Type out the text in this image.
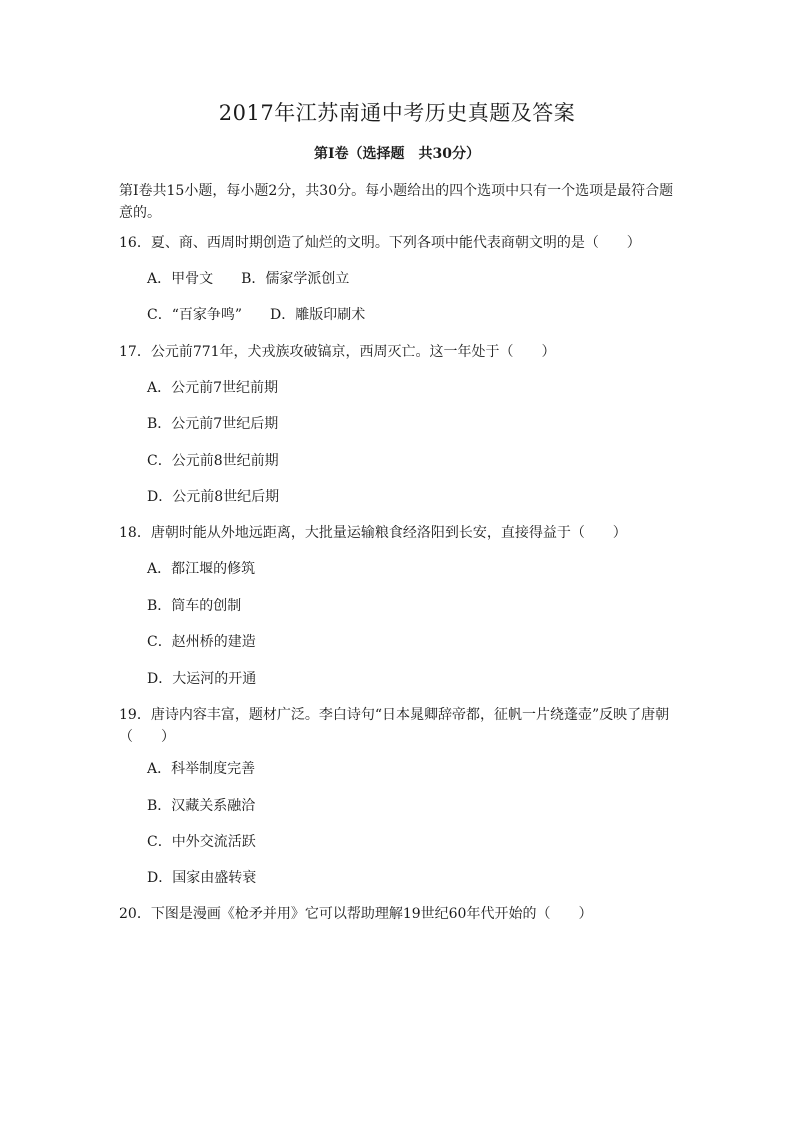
2017年江苏南通中考历史真题及答案
第Ⅰ卷（选择题　共30分）
第Ⅰ卷共15小题，每小题2分，共30分。每小题给出的四个选项中只有一个选项是最符合题意的。
16．夏、商、西周时期创造了灿烂的文明。下列各项中能代表商朝文明的是（　　）
A．甲骨文 B．儒家学派创立
C．“百家争鸣” D．雕版印刷术
17．公元前771年，犬戎族攻破镐京，西周灭亡。这一年处于（　　）
A．公元前7世纪前期
B．公元前7世纪后期
C．公元前8世纪前期
D．公元前8世纪后期
18．唐朝时能从外地远距离，大批量运输粮食经洛阳到长安，直接得益于（　　）
A．都江堰的修筑
B．筒车的创制
C．赵州桥的建造
D．大运河的开通
19．唐诗内容丰富，题材广泛。李白诗句“日本晁卿辞帝都，征帆一片绕蓬壶”反映了唐朝（　　）
A．科举制度完善
B．汉藏关系融洽
C．中外交流活跃
D．国家由盛转衰
20．下图是漫画《枪矛并用》它可以帮助理解19世纪60年代开始的（　　）
